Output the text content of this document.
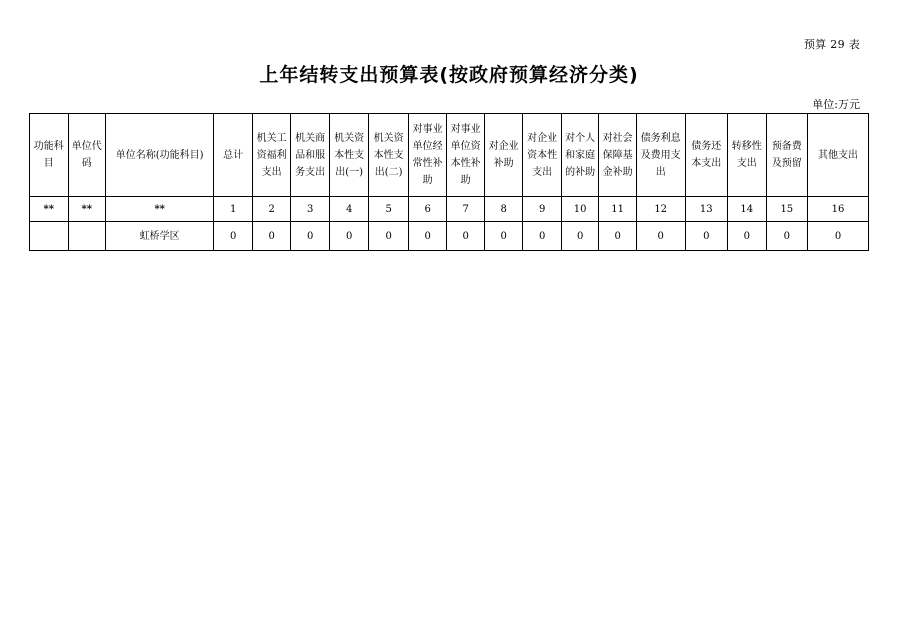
预算 29 表
上年结转支出预算表(按政府预算经济分类)
单位:万元
功能科目	单位代码	单位名称(功能科目)	总计	机关工资福利支出	机关商品和服务支出	机关资本性支出(一)	机关资本性支出(二)	对事业单位经常性补助	对事业单位资本性补助	对企业补助	对企业资本性支出	对个人和家庭的补助	对社会保障基金补助	债务利息及费用支出	债务还本支出	转移性支出	预备费及预留	其他支出
**	**	**	1	2	3	4	5	6	7	8	9	10	11	12	13	14	15	16
		虹桥学区	0	0	0	0	0	0	0	0	0	0	0	0	0	0	0	0
